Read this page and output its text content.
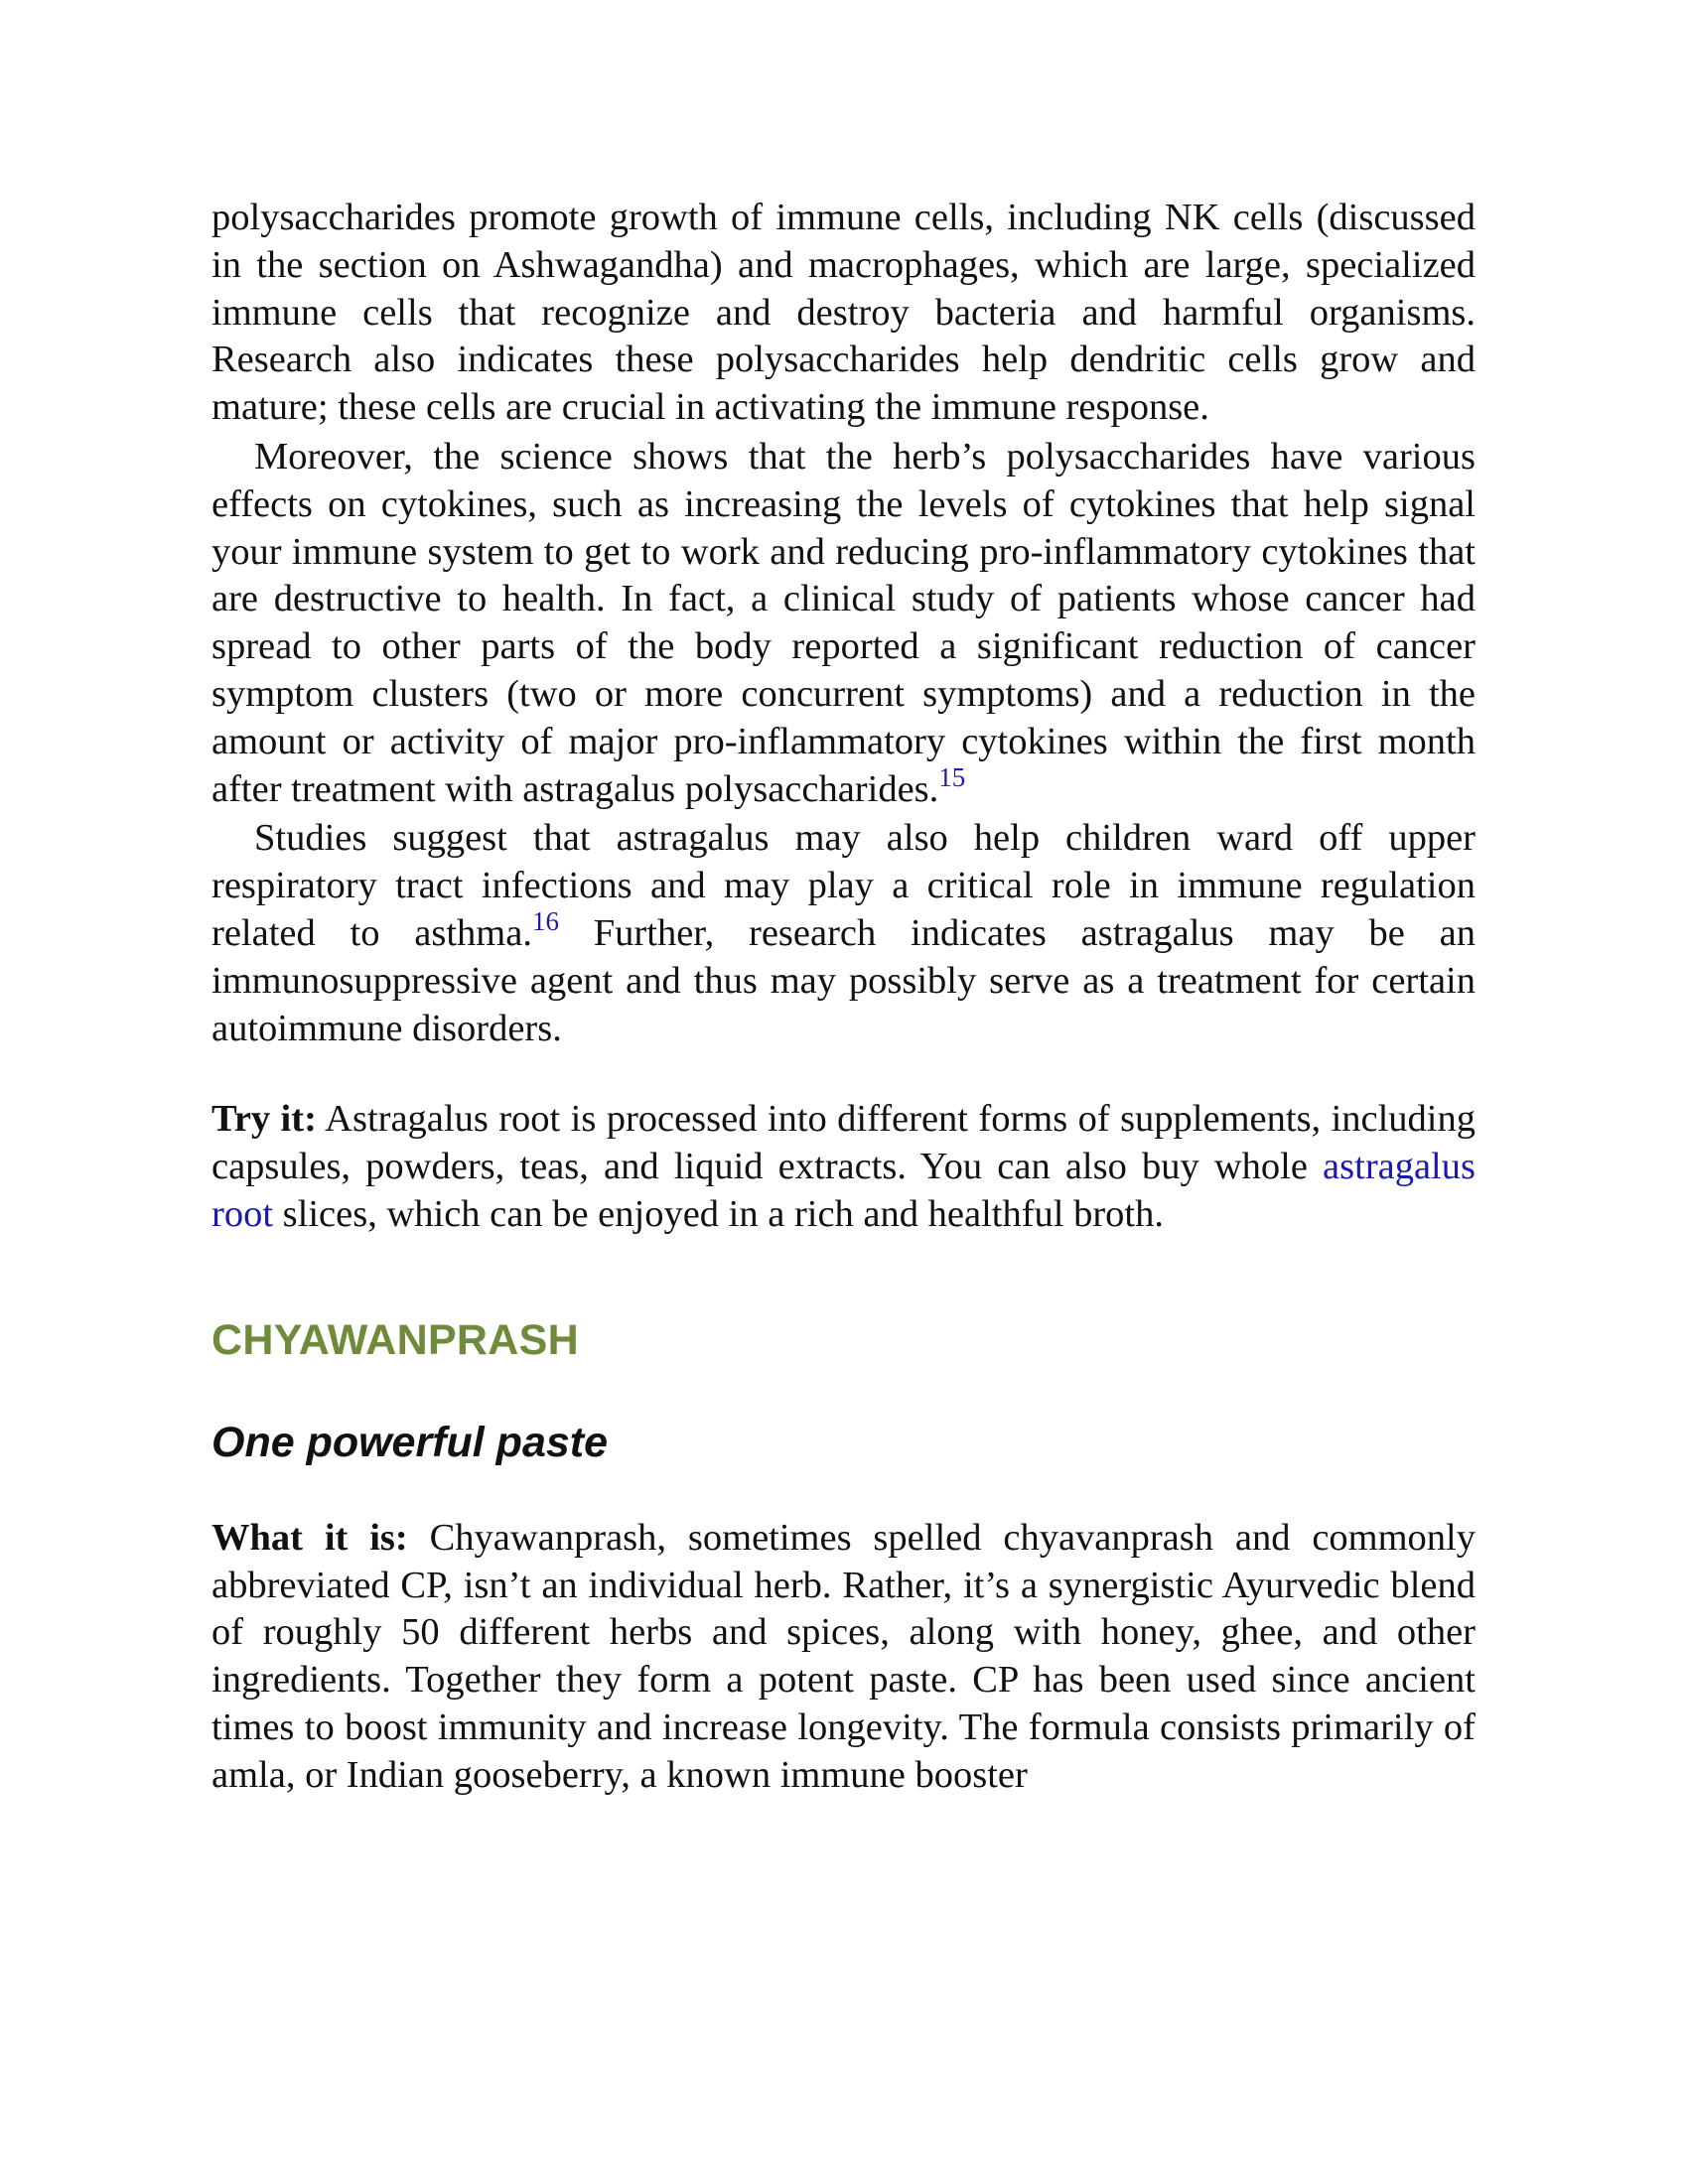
polysaccharides promote growth of immune cells, including NK cells (discussed in the section on Ashwagandha) and macrophages, which are large, specialized immune cells that recognize and destroy bacteria and harmful organisms. Research also indicates these polysaccharides help dendritic cells grow and mature; these cells are crucial in activating the immune response.

Moreover, the science shows that the herb’s polysaccharides have various effects on cytokines, such as increasing the levels of cytokines that help signal your immune system to get to work and reducing pro-inflammatory cytokines that are destructive to health. In fact, a clinical study of patients whose cancer had spread to other parts of the body reported a significant reduction of cancer symptom clusters (two or more concurrent symptoms) and a reduction in the amount or activity of major pro-inflammatory cytokines within the first month after treatment with astragalus polysaccharides.$^{15}$

Studies suggest that astragalus may also help children ward off upper respiratory tract infections and may play a critical role in immune regulation related to asthma.$^{16}$ Further, research indicates astragalus may be an immunosuppressive agent and thus may possibly serve as a treatment for certain autoimmune disorders.

Try it: Astragalus root is processed into different forms of supplements, including capsules, powders, teas, and liquid extracts. You can also buy whole astragalus root slices, which can be enjoyed in a rich and healthful broth.

CHYAWANPRASH
One powerful paste

What it is: Chyawanprash, sometimes spelled chyavanprash and commonly abbreviated CP, isn’t an individual herb. Rather, it’s a synergistic Ayurvedic blend of roughly 50 different herbs and spices, along with honey, ghee, and other ingredients. Together they form a potent paste. CP has been used since ancient times to boost immunity and increase longevity. The formula consists primarily of amla, or Indian gooseberry, a known immune booster
